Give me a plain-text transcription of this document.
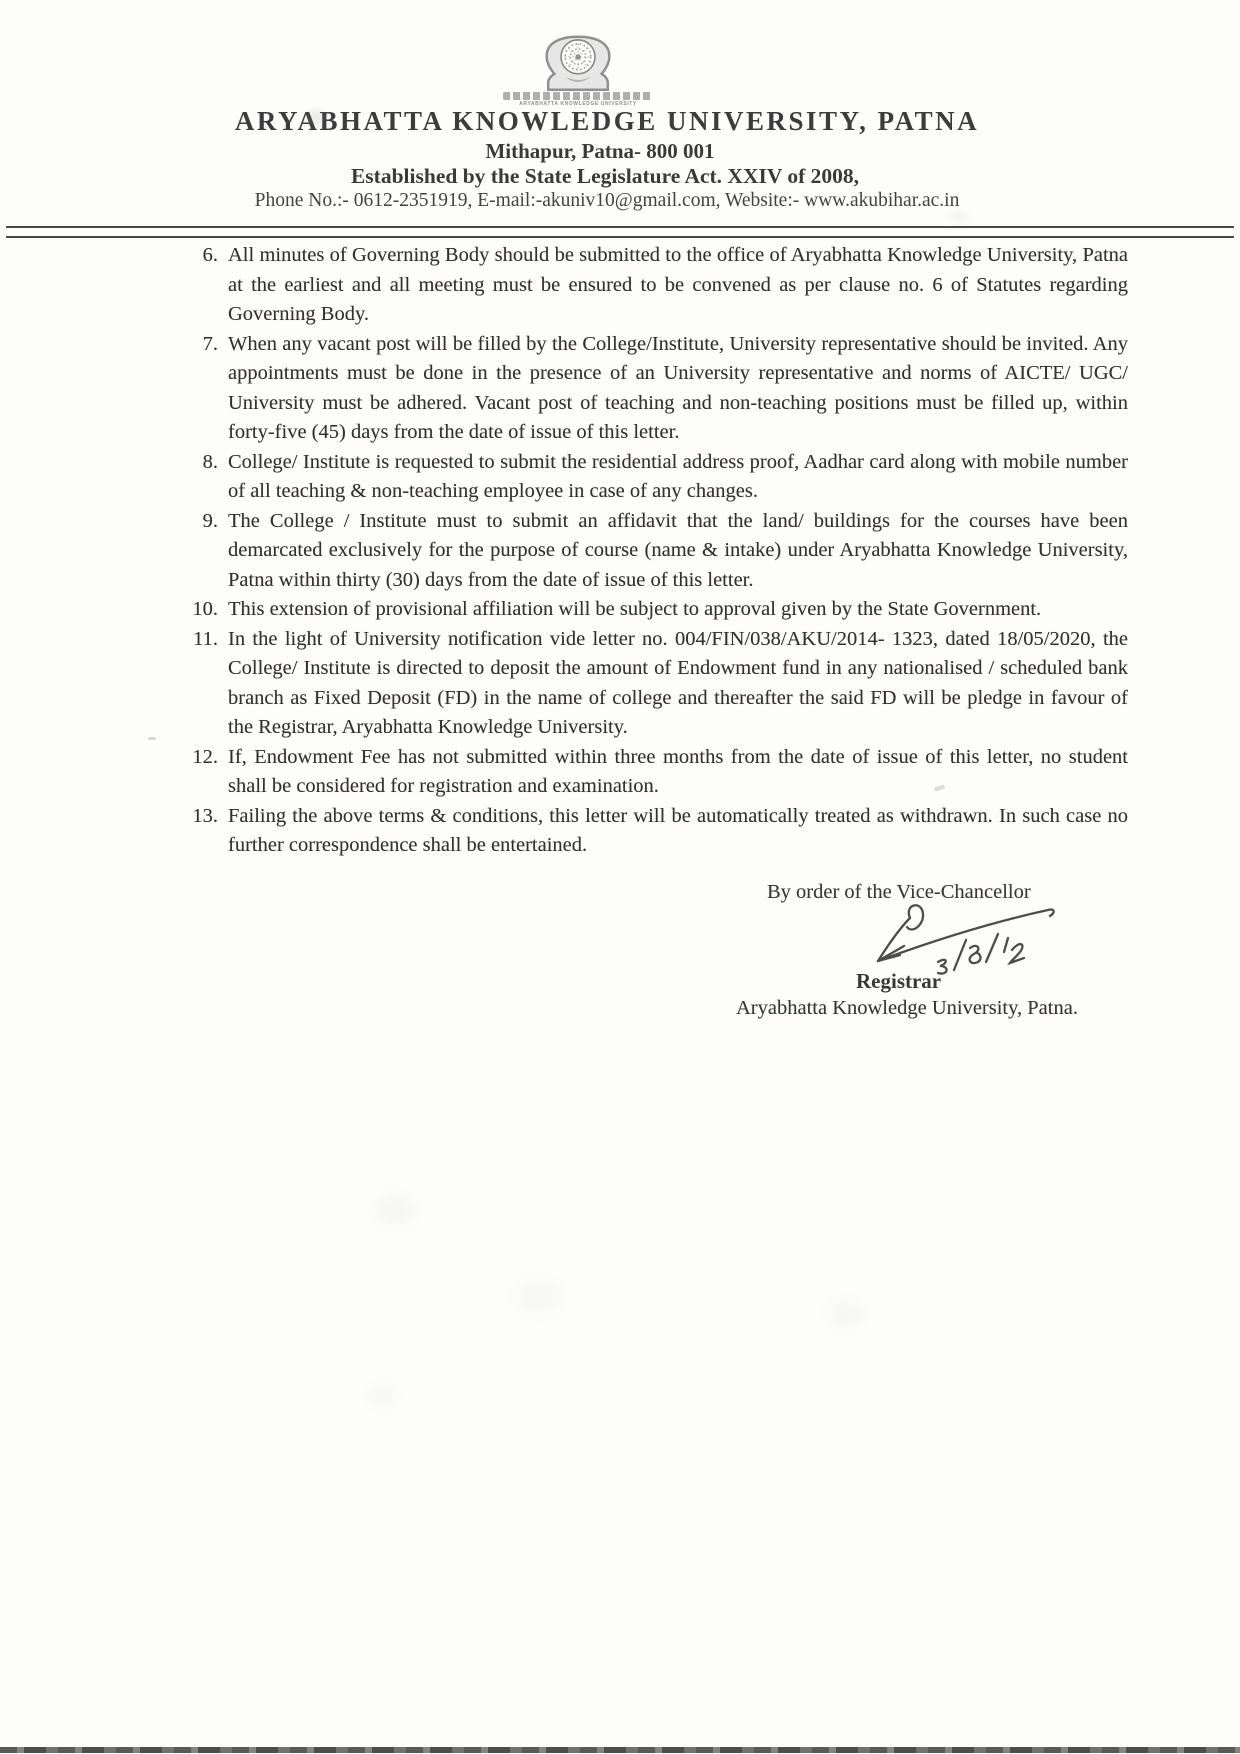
ARYABHATTA KNOWLEDGE UNIVERSITY
ARYABHATTA KNOWLEDGE UNIVERSITY, PATNA
Mithapur, Patna- 800 001
Established by the State Legislature Act. XXIV of 2008,
Phone No.:- 0612-2351919, E-mail:-akuniv10@gmail.com, Website:- www.akubihar.ac.in
6. All minutes of Governing Body should be submitted to the office of Aryabhatta Knowledge University, Patna at the earliest and all meeting must be ensured to be convened as per clause no. 6 of Statutes regarding Governing Body.
7. When any vacant post will be filled by the College/Institute, University representative should be invited. Any appointments must be done in the presence of an University representative and norms of AICTE/ UGC/ University must be adhered. Vacant post of teaching and non-teaching positions must be filled up, within forty-five (45) days from the date of issue of this letter.
8. College/ Institute is requested to submit the residential address proof, Aadhar card along with mobile number of all teaching & non-teaching employee in case of any changes.
9. The College / Institute must to submit an affidavit that the land/ buildings for the courses have been demarcated exclusively for the purpose of course (name & intake) under Aryabhatta Knowledge University, Patna within thirty (30) days from the date of issue of this letter.
10. This extension of provisional affiliation will be subject to approval given by the State Government.
11. In the light of University notification vide letter no. 004/FIN/038/AKU/2014- 1323, dated 18/05/2020, the College/ Institute is directed to deposit the amount of Endowment fund in any nationalised / scheduled bank branch as Fixed Deposit (FD) in the name of college and thereafter the said FD will be pledge in favour of the Registrar, Aryabhatta Knowledge University.
12. If, Endowment Fee has not submitted within three months from the date of issue of this letter, no student shall be considered for registration and examination.
13. Failing the above terms & conditions, this letter will be automatically treated as withdrawn. In such case no further correspondence shall be entertained.
By order of the Vice-Chancellor
Registrar
Aryabhatta Knowledge University, Patna.
